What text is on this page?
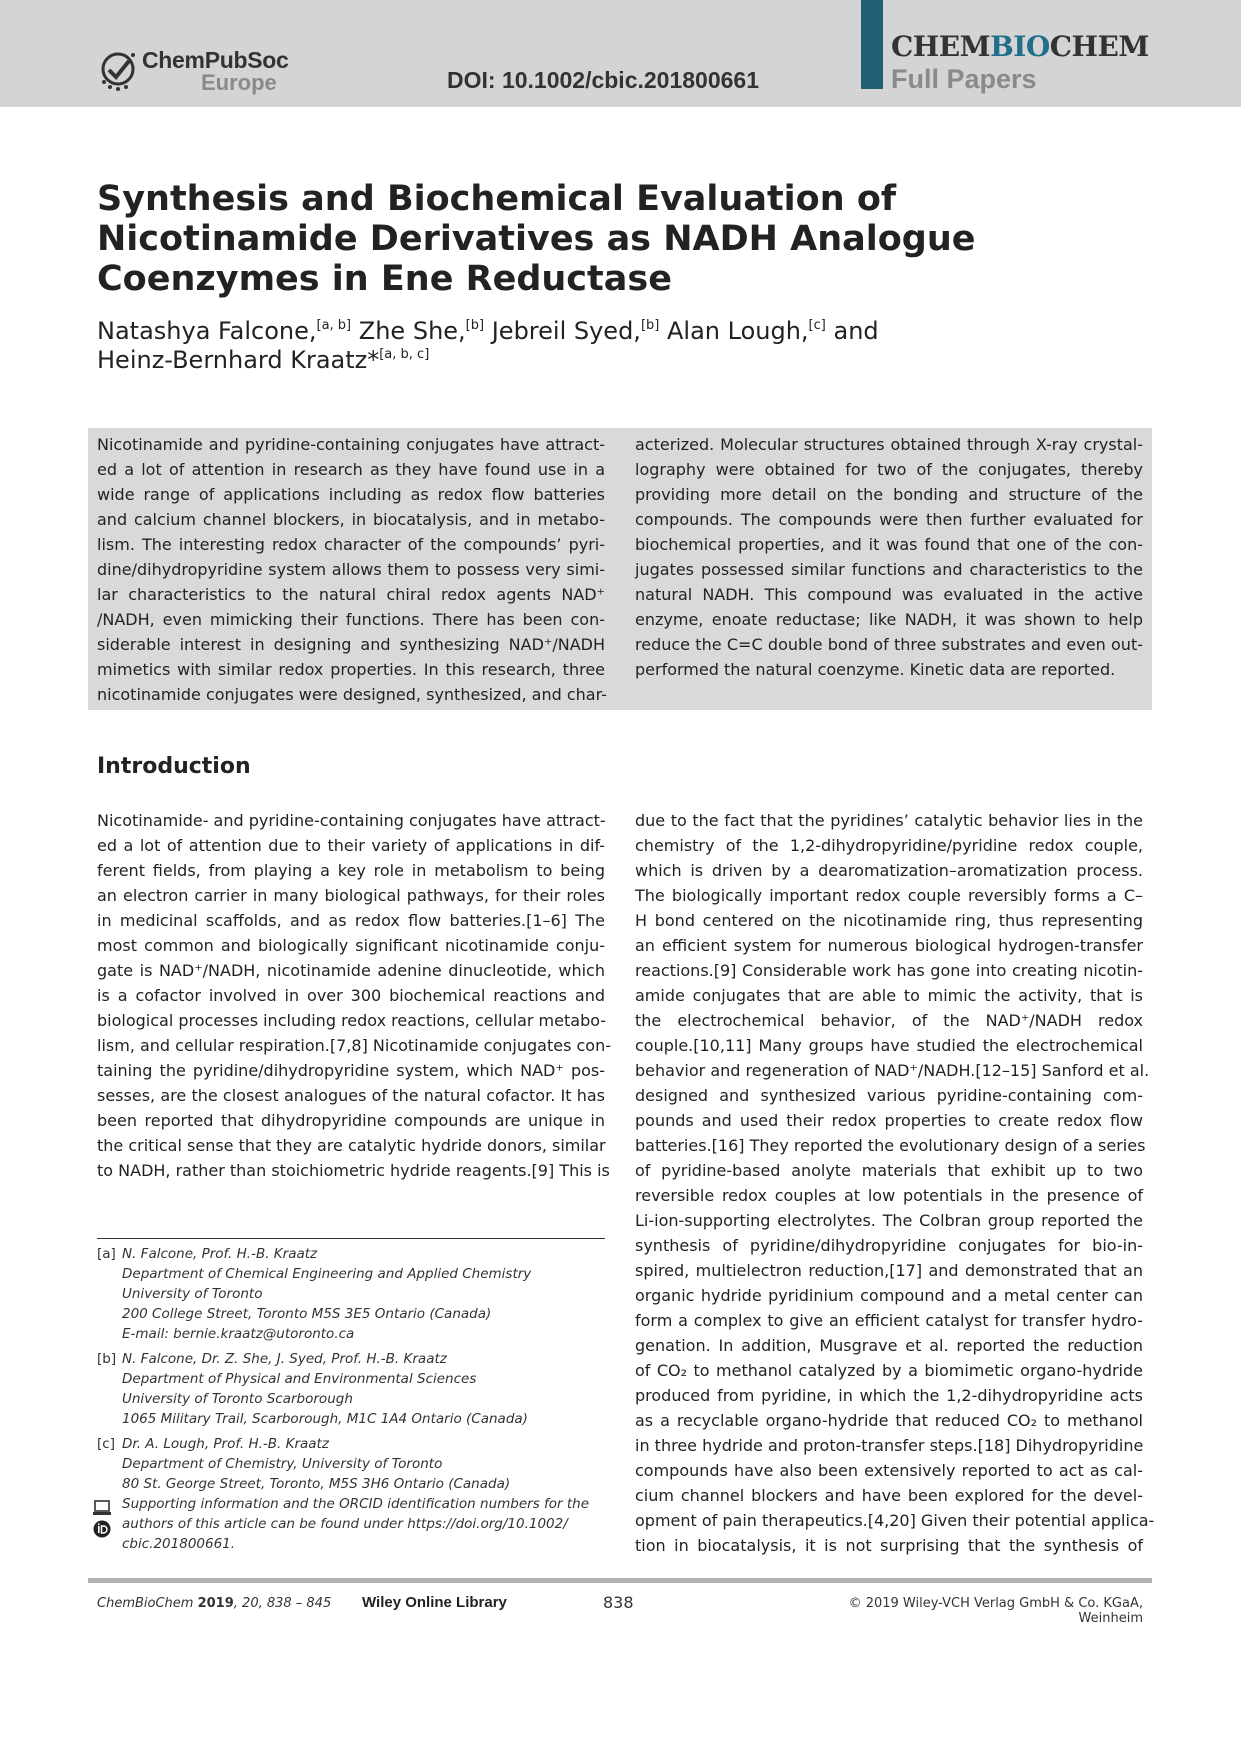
ChemPubSoc
Europe	DOI: 10.1002/cbic.201800661
CHEMBIOCHEM
Full Papers
Synthesis and Biochemical Evaluation of Nicotinamide Derivatives as NADH Analogue Coenzymes in Ene Reductase
Natashya Falcone,[a, b] Zhe She,[b] Jebreil Syed,[b] Alan Lough,[c] and
Heinz-Bernhard Kraatz*[a, b, c]
Nicotinamide and pyridine-containing conjugates have attract-
ed a lot of attention in research as they have found use in a
wide range of applications including as redox flow batteries
and calcium channel blockers, in biocatalysis, and in metabo-
lism. The interesting redox character of the compounds’ pyri-
dine/dihydropyridine system allows them to possess very simi-
lar characteristics to the natural chiral redox agents NAD⁺
/NADH, even mimicking their functions. There has been con-
siderable interest in designing and synthesizing NAD⁺/NADH
mimetics with similar redox properties. In this research, three
nicotinamide conjugates were designed, synthesized, and char-
acterized. Molecular structures obtained through X-ray crystal-
lography were obtained for two of the conjugates, thereby
providing more detail on the bonding and structure of the
compounds. The compounds were then further evaluated for
biochemical properties, and it was found that one of the con-
jugates possessed similar functions and characteristics to the
natural NADH. This compound was evaluated in the active
enzyme, enoate reductase; like NADH, it was shown to help
reduce the C=C double bond of three substrates and even out-
performed the natural coenzyme. Kinetic data are reported.
Introduction
Nicotinamide- and pyridine-containing conjugates have attract-
ed a lot of attention due to their variety of applications in dif-
ferent fields, from playing a key role in metabolism to being
an electron carrier in many biological pathways, for their roles
in medicinal scaffolds, and as redox flow batteries.[1–6] The
most common and biologically significant nicotinamide conju-
gate is NAD⁺/NADH, nicotinamide adenine dinucleotide, which
is a cofactor involved in over 300 biochemical reactions and
biological processes including redox reactions, cellular metabo-
lism, and cellular respiration.[7,8] Nicotinamide conjugates con-
taining the pyridine/dihydropyridine system, which NAD⁺ pos-
sesses, are the closest analogues of the natural cofactor. It has
been reported that dihydropyridine compounds are unique in
the critical sense that they are catalytic hydride donors, similar
to NADH, rather than stoichiometric hydride reagents.[9] This is
due to the fact that the pyridines’ catalytic behavior lies in the
chemistry of the 1,2-dihydropyridine/pyridine redox couple,
which is driven by a dearomatization–aromatization process.
The biologically important redox couple reversibly forms a C–
H bond centered on the nicotinamide ring, thus representing
an efficient system for numerous biological hydrogen-transfer
reactions.[9] Considerable work has gone into creating nicotin-
amide conjugates that are able to mimic the activity, that is
the electrochemical behavior, of the NAD⁺/NADH redox
couple.[10,11] Many groups have studied the electrochemical
behavior and regeneration of NAD⁺/NADH.[12–15] Sanford et al.
designed and synthesized various pyridine-containing com-
pounds and used their redox properties to create redox flow
batteries.[16] They reported the evolutionary design of a series
of pyridine-based anolyte materials that exhibit up to two
reversible redox couples at low potentials in the presence of
Li-ion-supporting electrolytes. The Colbran group reported the
synthesis of pyridine/dihydropyridine conjugates for bio-in-
spired, multielectron reduction,[17] and demonstrated that an
organic hydride pyridinium compound and a metal center can
form a complex to give an efficient catalyst for transfer hydro-
genation. In addition, Musgrave et al. reported the reduction
of CO₂ to methanol catalyzed by a biomimetic organo-hydride
produced from pyridine, in which the 1,2-dihydropyridine acts
as a recyclable organo-hydride that reduced CO₂ to methanol
in three hydride and proton-transfer steps.[18] Dihydropyridine
compounds have also been extensively reported to act as cal-
cium channel blockers and have been explored for the devel-
opment of pain therapeutics.[4,20] Given their potential applica-
tion in biocatalysis, it is not surprising that the synthesis of
[a] N. Falcone, Prof. H.-B. Kraatz
Department of Chemical Engineering and Applied Chemistry
University of Toronto
200 College Street, Toronto M5S 3E5 Ontario (Canada)
E-mail: bernie.kraatz@utoronto.ca
[b] N. Falcone, Dr. Z. She, J. Syed, Prof. H.-B. Kraatz
Department of Physical and Environmental Sciences
University of Toronto Scarborough
1065 Military Trail, Scarborough, M1C 1A4 Ontario (Canada)
[c] Dr. A. Lough, Prof. H.-B. Kraatz
Department of Chemistry, University of Toronto
80 St. George Street, Toronto, M5S 3H6 Ontario (Canada)
Supporting information and the ORCID identification numbers for the
authors of this article can be found under https://doi.org/10.1002/
cbic.201800661.
ChemBioChem 2019, 20, 838 – 845 Wiley Online Library	838	© 2019 Wiley-VCH Verlag GmbH & Co. KGaA, Weinheim
